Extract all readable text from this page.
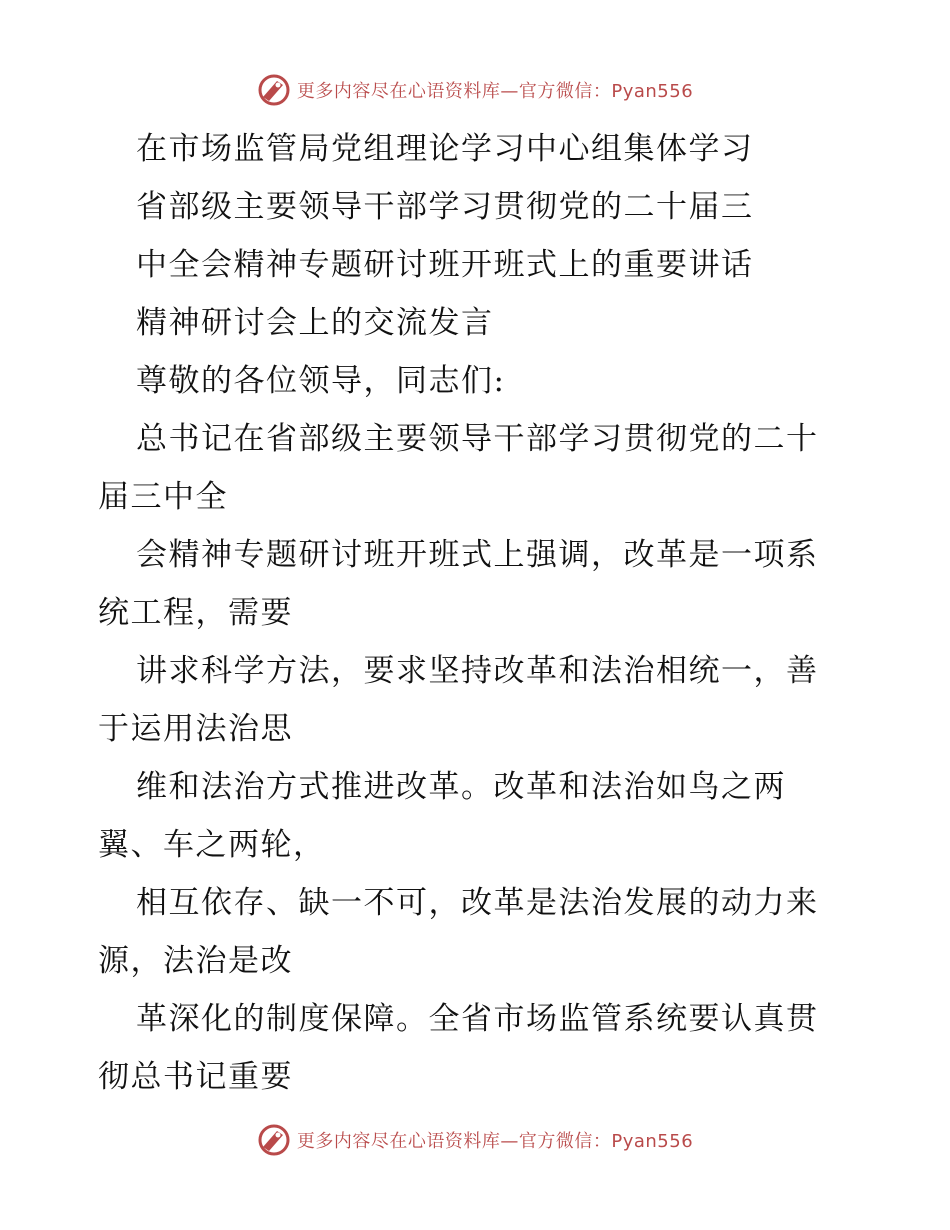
更多内容尽在心语资料库—官方微信：Pyan556
在市场监管局党组理论学习中心组集体学习
省部级主要领导干部学习贯彻党的二十届三
中全会精神专题研讨班开班式上的重要讲话
精神研讨会上的交流发言
尊敬的各位领导，同志们:
总书记在省部级主要领导干部学习贯彻党的二十
届三中全
会精神专题研讨班开班式上强调，改革是一项系
统工程，需要
讲求科学方法，要求坚持改革和法治相统一，善
于运用法治思
维和法治方式推进改革。改革和法治如鸟之两
翼、车之两轮，
相互依存、缺一不可，改革是法治发展的动力来
源，法治是改
革深化的制度保障。全省市场监管系统要认真贯
彻总书记重要
更多内容尽在心语资料库—官方微信：Pyan556
